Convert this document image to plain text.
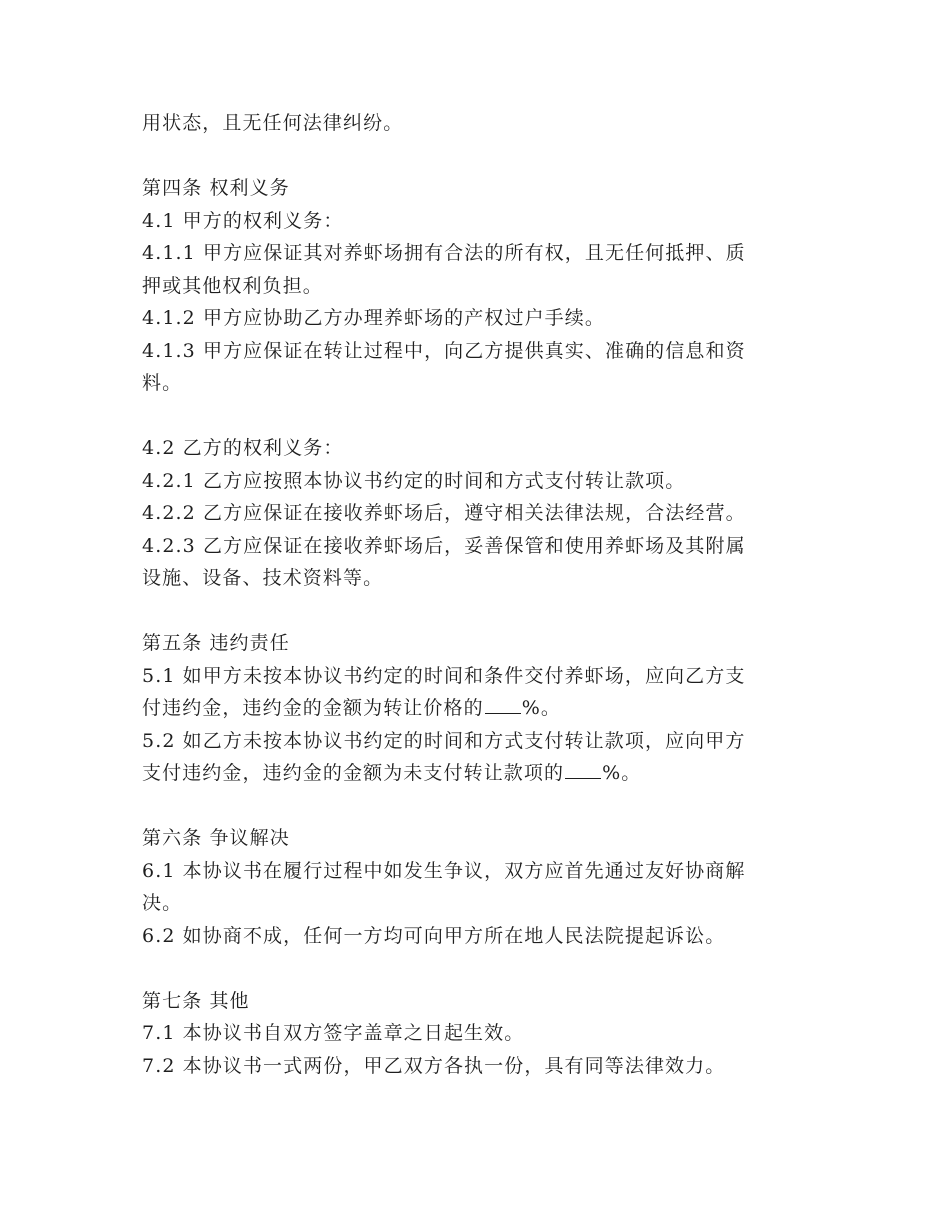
用状态，且无任何法律纠纷。
第四条 权利义务
4.1 甲方的权利义务：
4.1.1 甲方应保证其对养虾场拥有合法的所有权，且无任何抵押、质
押或其他权利负担。
4.1.2 甲方应协助乙方办理养虾场的产权过户手续。
4.1.3 甲方应保证在转让过程中，向乙方提供真实、准确的信息和资
料。
4.2 乙方的权利义务：
4.2.1 乙方应按照本协议书约定的时间和方式支付转让款项。
4.2.2 乙方应保证在接收养虾场后，遵守相关法律法规，合法经营。
4.2.3 乙方应保证在接收养虾场后，妥善保管和使用养虾场及其附属
设施、设备、技术资料等。
第五条 违约责任
5.1 如甲方未按本协议书约定的时间和条件交付养虾场，应向乙方支
付违约金，违约金的金额为转让价格的 %。
5.2 如乙方未按本协议书约定的时间和方式支付转让款项，应向甲方
支付违约金，违约金的金额为未支付转让款项的 %。
第六条 争议解决
6.1 本协议书在履行过程中如发生争议，双方应首先通过友好协商解
决。
6.2 如协商不成，任何一方均可向甲方所在地人民法院提起诉讼。
第七条 其他
7.1 本协议书自双方签字盖章之日起生效。
7.2 本协议书一式两份，甲乙双方各执一份，具有同等法律效力。
